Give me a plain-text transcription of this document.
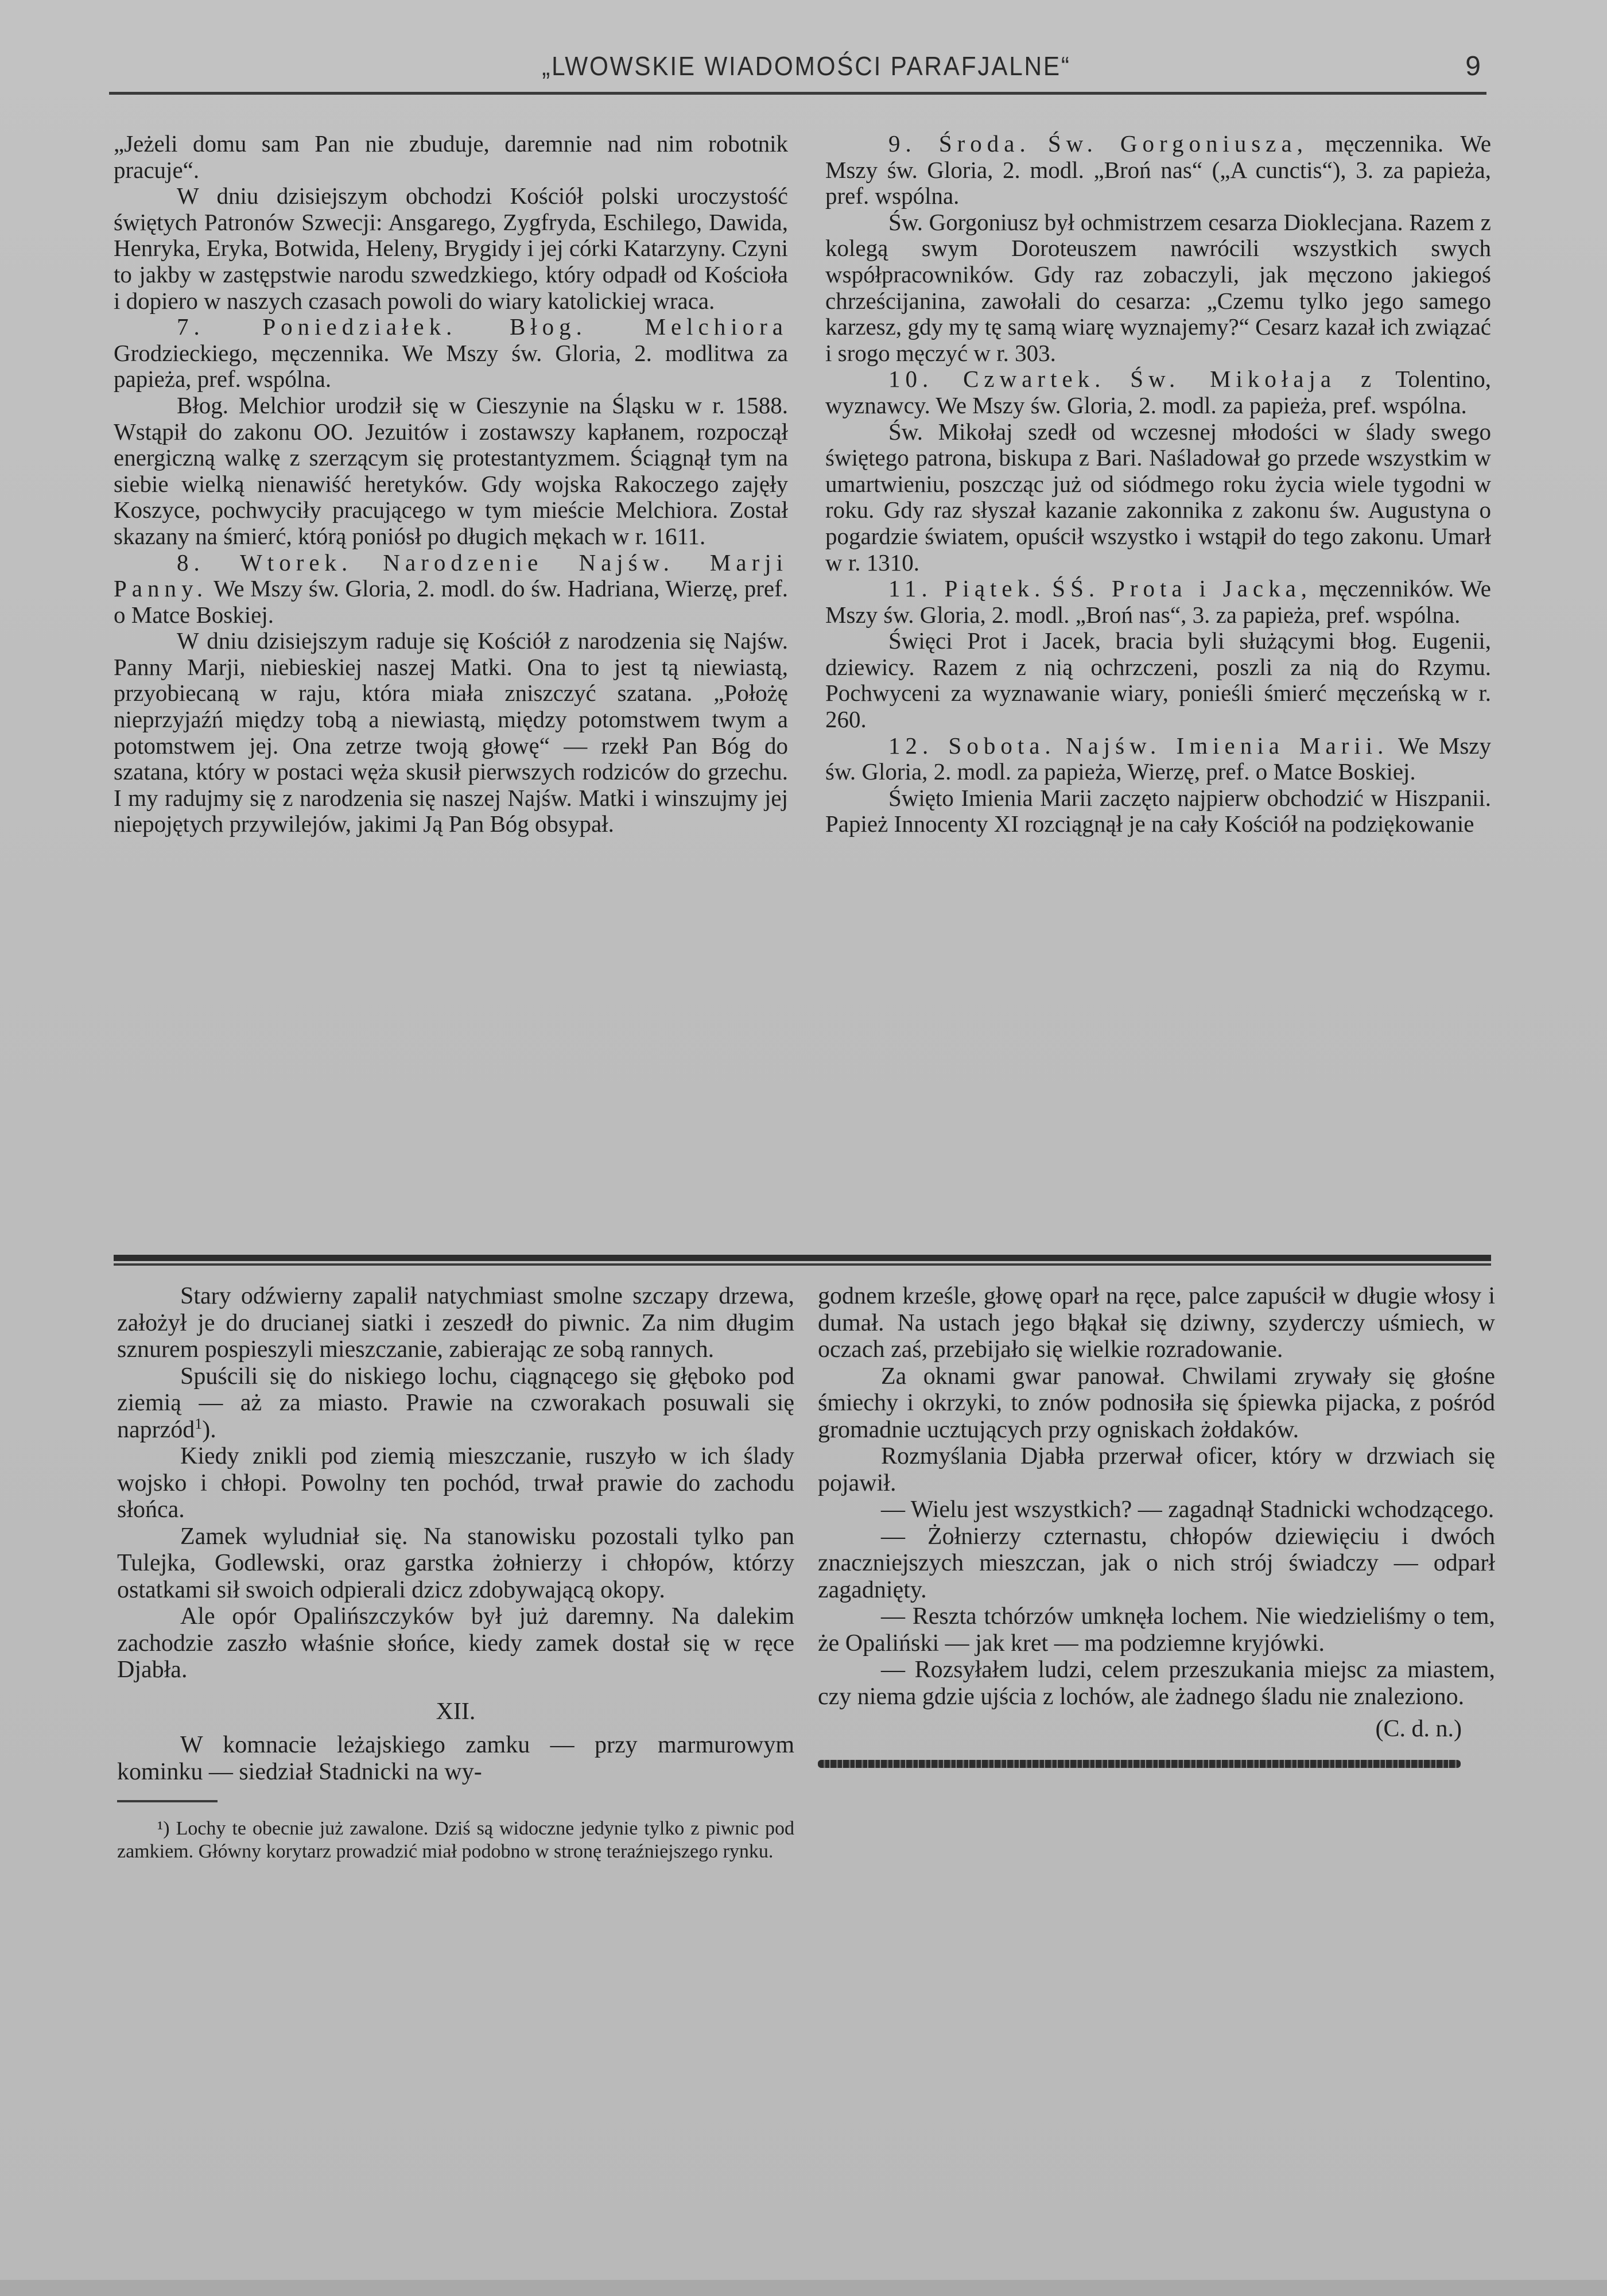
„LWOWSKIE WIADOMOŚCI PARAFJALNE“	9

„Jeżeli domu sam Pan nie zbuduje, daremnie nad nim robotnik pracuje“.

W dniu dzisiejszym obchodzi Kościół polski uroczystość świętych Patronów Szwecji: Ansgarego, Zygfryda, Eschilego, Dawida, Henryka, Eryka, Botwida, Heleny, Brygidy i jej córki Katarzyny. Czyni to jakby w zastępstwie narodu szwedzkiego, który odpadł od Kościoła i dopiero w naszych czasach powoli do wiary katolickiej wraca.

7. Poniedziałek. Błog. Melchiora Grodzieckiego, męczennika. We Mszy św. Gloria, 2. modlitwa za papieża, pref. wspólna.

Błog. Melchior urodził się w Cieszynie na Śląsku w r. 1588. Wstąpił do zakonu OO. Jezuitów i zostawszy kapłanem, rozpoczął energiczną walkę z szerzącym się protestantyzmem. Ściągnął tym na siebie wielką nienawiść heretyków. Gdy wojska Rakoczego zajęły Koszyce, pochwyciły pracującego w tym mieście Melchiora. Został skazany na śmierć, którą poniósł po długich mękach w r. 1611.

8. Wtorek. Narodzenie Najśw. Marji Panny. We Mszy św. Gloria, 2. modl. do św. Hadriana, Wierzę, pref. o Matce Boskiej.

W dniu dzisiejszym raduje się Kościół z narodzenia się Najśw. Panny Marji, niebieskiej naszej Matki. Ona to jest tą niewiastą, przyobiecaną w raju, która miała zniszczyć szatana. „Położę nieprzyjaźń między tobą a niewiastą, między potomstwem twym a potomstwem jej. Ona zetrze twoją głowę“ — rzekł Pan Bóg do szatana, który w postaci węża skusił pierwszych rodziców do grzechu. I my radujmy się z narodzenia się naszej Najśw. Matki i winszujmy jej niepojętych przywilejów, jakimi Ją Pan Bóg obsypał.

9. Środa. Św. Gorgoniusza, męczennika. We Mszy św. Gloria, 2. modl. „Broń nas“ („A cunctis“), 3. za papieża, pref. wspólna.

Św. Gorgoniusz był ochmistrzem cesarza Dioklecjana. Razem z kolegą swym Doroteuszem nawrócili wszystkich swych współpracowników. Gdy raz zobaczyli, jak męczono jakiegoś chrześcijanina, zawołali do cesarza: „Czemu tylko jego samego karzesz, gdy my tę samą wiarę wyznajemy?“ Cesarz kazał ich związać i srogo męczyć w r. 303.

10. Czwartek. Św. Mikołaja z Tolentino, wyznawcy. We Mszy św. Gloria, 2. modl. za papieża, pref. wspólna.

Św. Mikołaj szedł od wczesnej młodości w ślady swego świętego patrona, biskupa z Bari. Naśladował go przede wszystkim w umartwieniu, poszcząc już od siódmego roku życia wiele tygodni w roku. Gdy raz słyszał kazanie zakonnika z zakonu św. Augustyna o pogardzie światem, opuścił wszystko i wstąpił do tego zakonu. Umarł w r. 1310.

11. Piątek. ŚŚ. Prota i Jacka, męczenników. We Mszy św. Gloria, 2. modl. „Broń nas“, 3. za papieża, pref. wspólna.

Święci Prot i Jacek, bracia byli służącymi błog. Eugenii, dziewicy. Razem z nią ochrzczeni, poszli za nią do Rzymu. Pochwyceni za wyznawanie wiary, ponieśli śmierć męczeńską w r. 260.

12. Sobota. Najśw. Imienia Marii. We Mszy św. Gloria, 2. modl. za papieża, Wierzę, pref. o Matce Boskiej.

Święto Imienia Marii zaczęto najpierw obchodzić w Hiszpanii. Papież Innocenty XI rozciągnął je na cały Kościół na podziękowanie

Stary odźwierny zapalił natychmiast smolne szczapy drzewa, założył je do drucianej siatki i zeszedł do piwnic. Za nim długim sznurem pospieszyli mieszczanie, zabierając ze sobą rannych.

Spuścili się do niskiego lochu, ciągnącego się głęboko pod ziemią — aż za miasto. Prawie na czworakach posuwali się naprzód$^1$).

Kiedy znikli pod ziemią mieszczanie, ruszyło w ich ślady wojsko i chłopi. Powolny ten pochód, trwał prawie do zachodu słońca.

Zamek wyludniał się. Na stanowisku pozostali tylko pan Tulejka, Godlewski, oraz garstka żołnierzy i chłopów, którzy ostatkami sił swoich odpierali dzicz zdobywającą okopy.

Ale opór Opalińszczyków był już daremny. Na dalekim zachodzie zaszło właśnie słońce, kiedy zamek dostał się w ręce Djabła.

XII.

W komnacie leżajskiego zamku — przy marmurowym kominku — siedział Stadnicki na wy-

¹) Lochy te obecnie już zawalone. Dziś są widoczne jedynie tylko z piwnic pod zamkiem. Główny korytarz prowadzić miał podobno w stronę teraźniejszego rynku.

godnem krześle, głowę oparł na ręce, palce zapuścił w długie włosy i dumał. Na ustach jego błąkał się dziwny, szyderczy uśmiech, w oczach zaś, przebijało się wielkie rozradowanie.

Za oknami gwar panował. Chwilami zrywały się głośne śmiechy i okrzyki, to znów podnosiła się śpiewka pijacka, z pośród gromadnie ucztujących przy ogniskach żołdaków.

Rozmyślania Djabła przerwał oficer, który w drzwiach się pojawił.

— Wielu jest wszystkich? — zagadnął Stadnicki wchodzącego.

— Żołnierzy czternastu, chłopów dziewięciu i dwóch znaczniejszych mieszczan, jak o nich strój świadczy — odparł zagadnięty.

— Reszta tchórzów umknęła lochem. Nie wiedzieliśmy o tem, że Opaliński — jak kret — ma podziemne kryjówki.

— Rozsyłałem ludzi, celem przeszukania miejsc za miastem, czy niema gdzie ujścia z lochów, ale żadnego śladu nie znaleziono.

(C. d. n.)
